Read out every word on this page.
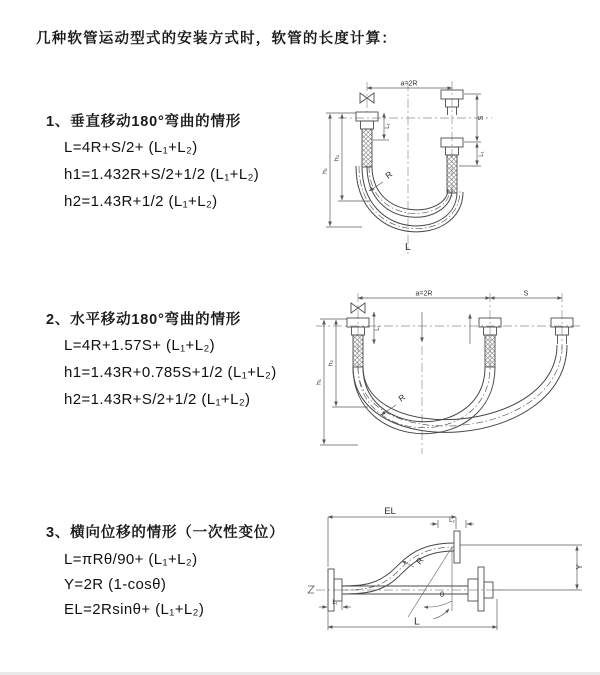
几种软管运动型式的安装方式时，软管的长度计算：
1、垂直移动180°弯曲的情形
L=4R+S/2+ (L₁+L₂)
h1=1.432R+S/2+1/2 (L₁+L₂)
h2=1.43R+1/2 (L₁+L₂)
2、水平移动180°弯曲的情形
L=4R+1.57S+ (L₁+L₂)
h1=1.43R+0.785S+1/2 (L₁+L₂)
h2=1.43R+S/2+1/2 (L₁+L₂)
3、横向位移的情形（一次性变位）
L=πRθ/90+ (L₁+L₂)
Y=2R (1-cosθ)
EL=2Rsinθ+ (L₁+L₂)
a=2R
S
L₁
L₁
h₁
h₂
R
L
a=2R	S
L₁
h₁
h₂
R
EL
L₂
Y
L
L₁
R
θ
